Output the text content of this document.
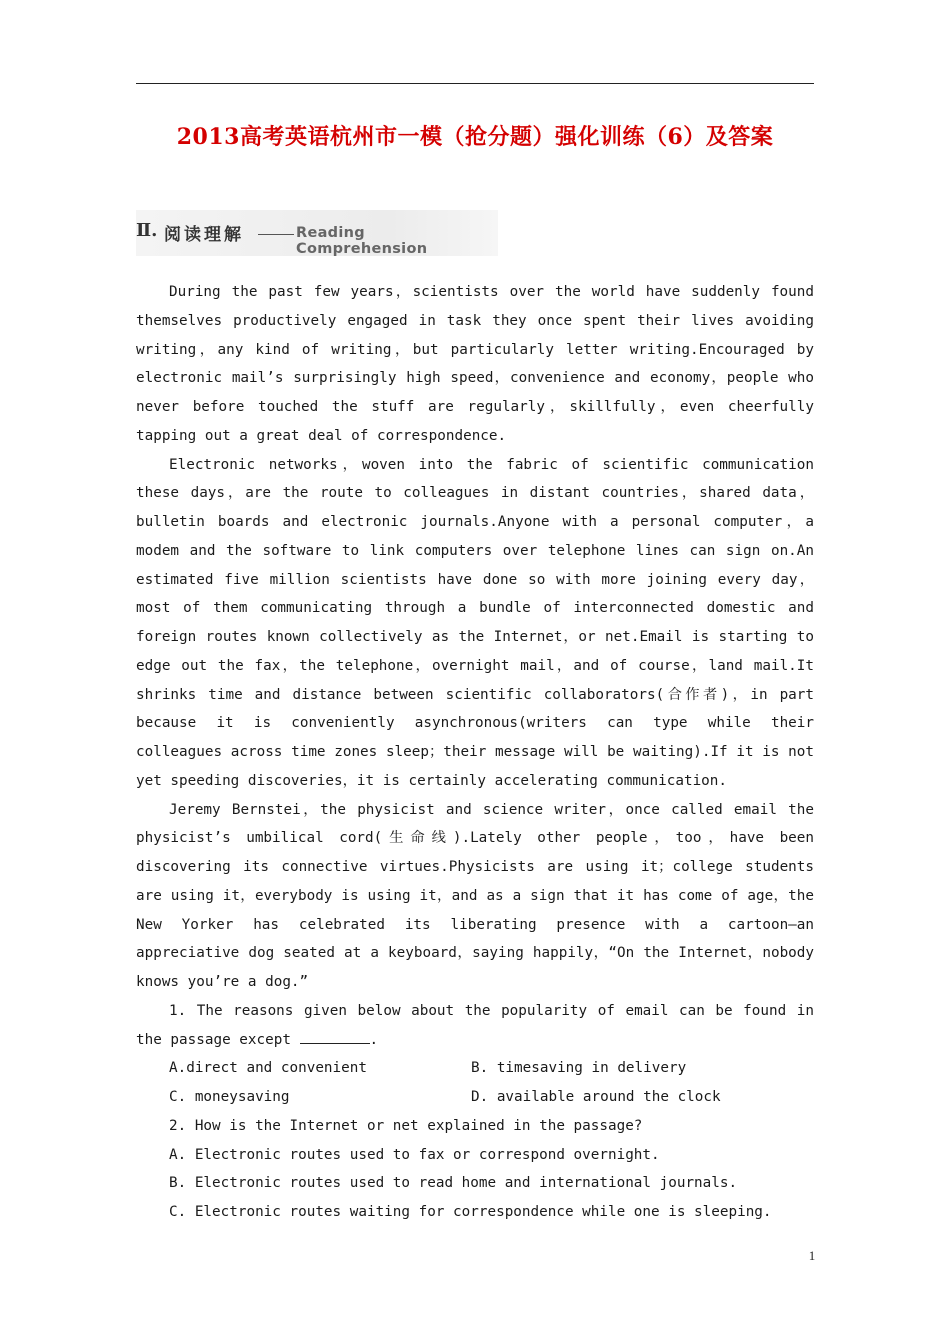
2013高考英语杭州市一模（抢分题）强化训练（6）及答案
Ⅱ. 阅读理解	Reading Comprehension

During the past few years，scientists over the world have suddenly found themselves productively engaged in task they once spent their lives avoiding writing，any kind of writing，but particularly letter writing.Encouraged by electronic mail’s surprisingly high speed，convenience and economy，people who never before touched the stuff are regularly，skillfully，even cheerfully tapping out a great deal of correspondence.

Electronic networks，woven into the fabric of scientific communication these days，are the route to colleagues in distant countries，shared data，bulletin boards and electronic journals.Anyone with a personal computer，a modem and the software to link computers over telephone lines can sign on.An estimated five million scientists have done so with more joining every day，most of them communicating through a bundle of interconnected domestic and foreign routes known collectively as the Internet，or net.Email is starting to edge out the fax，the telephone，overnight mail，and of course，land mail.It shrinks time and distance between scientific collaborators(合作者)，in part because it is conveniently asynchronous(writers can type while their colleagues across time zones sleep；their message will be waiting).If it is not yet speeding discoveries，it is certainly accelerating communication.

Jeremy Bernstei，the physicist and science writer，once called email the physicist’s umbilical cord(生命线).Lately other people，too，have been discovering its connective virtues.Physicists are using it；college students are using it，everybody is using it，and as a sign that it has come of age，the New Yorker has celebrated its liberating presence with a cartoon—an appreciative dog seated at a keyboard，saying happily，“On the Internet，nobody knows you’re a dog.”

1. The reasons given below about the popularity of email can be found in the passage except	.

A.direct and convenient	B. timesaving in delivery
C. moneysaving	D. available around the clock

2. How is the Internet or net explained in the passage?

A. Electronic routes used to fax or correspond overnight.

B. Electronic routes used to read home and international journals.

C. Electronic routes waiting for correspondence while one is sleeping.

1
